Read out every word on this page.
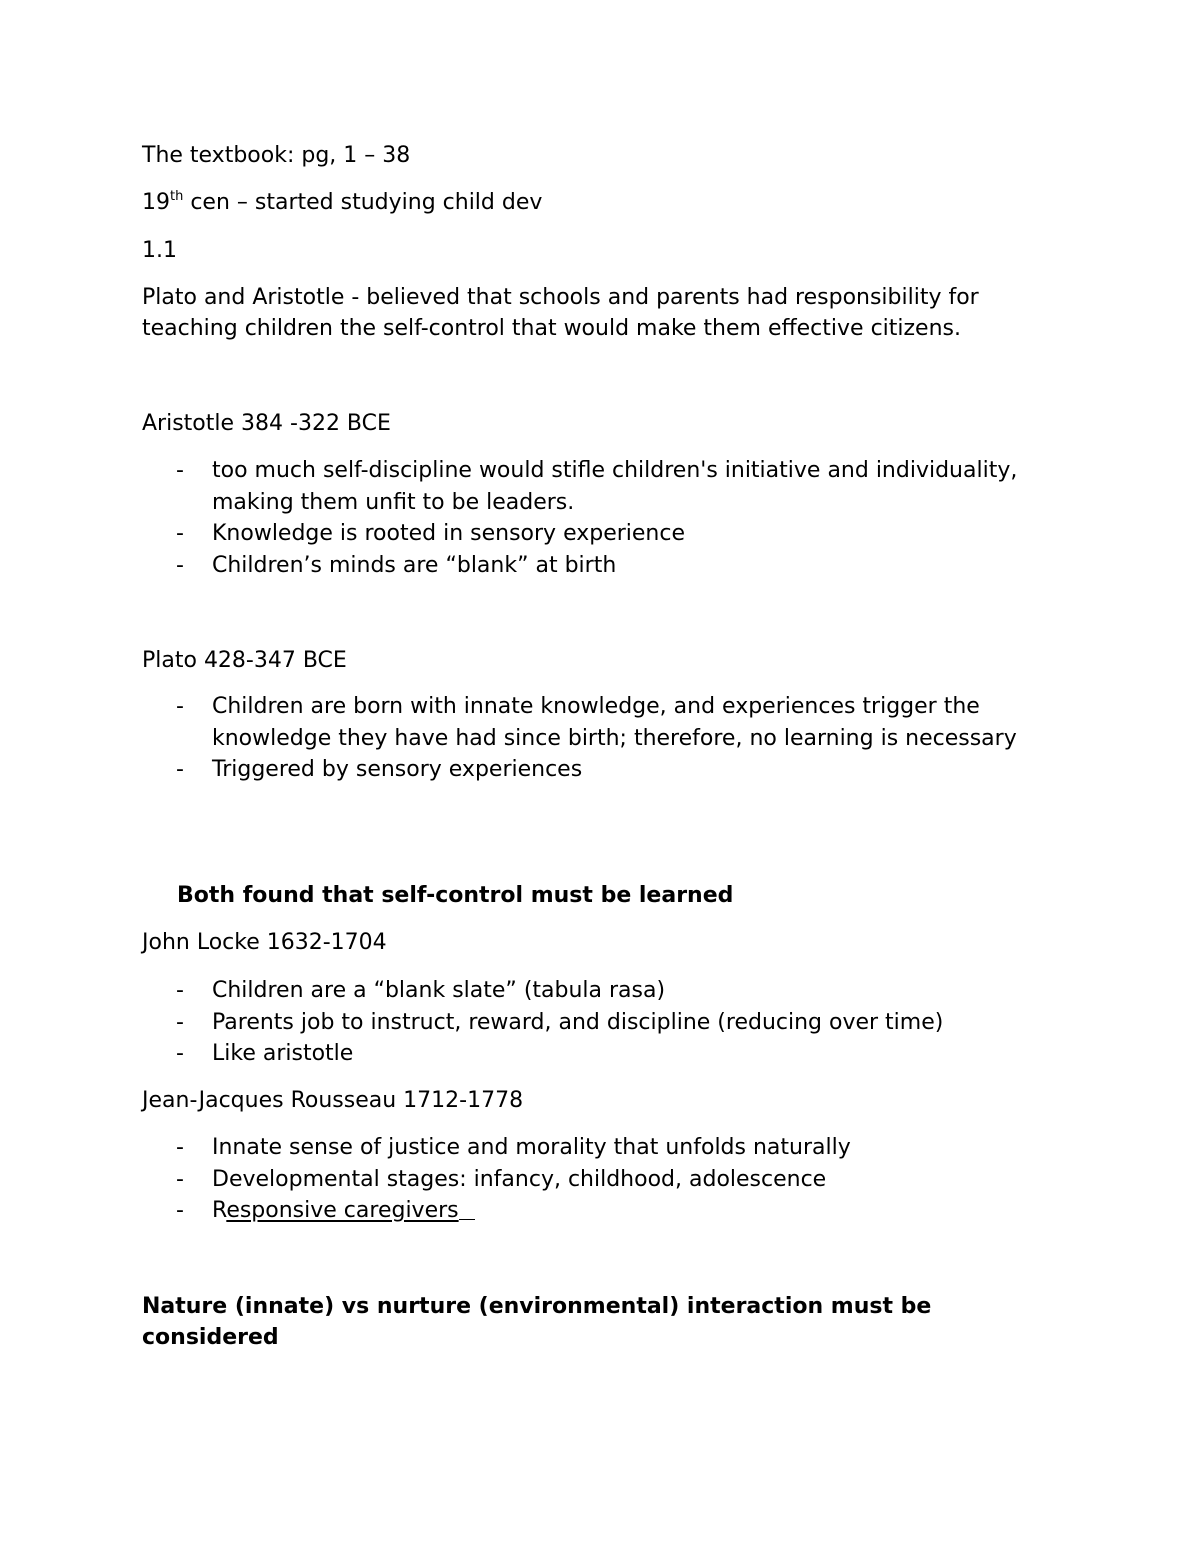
The textbook: pg, 1 – 38

19th cen – started studying child dev

1.1

Plato and Aristotle - believed that schools and parents had responsibility for teaching children the self-control that would make them effective citizens.

Aristotle 384 -322 BCE

- too much self-discipline would stifle children's initiative and individuality, making them unfit to be leaders.
- Knowledge is rooted in sensory experience
- Children’s minds are “blank” at birth

Plato 428-347 BCE

- Children are born with innate knowledge, and experiences trigger the knowledge they have had since birth; therefore, no learning is necessary
- Triggered by sensory experiences

Both found that self-control must be learned

John Locke 1632-1704

- Children are a “blank slate” (tabula rasa)
- Parents job to instruct, reward, and discipline (reducing over time)
- Like aristotle

Jean-Jacques Rousseau 1712-1778

- Innate sense of justice and morality that unfolds naturally
- Developmental stages: infancy, childhood, adolescence
- Responsive caregivers

Nature (innate) vs nurture (environmental) interaction must be considered
